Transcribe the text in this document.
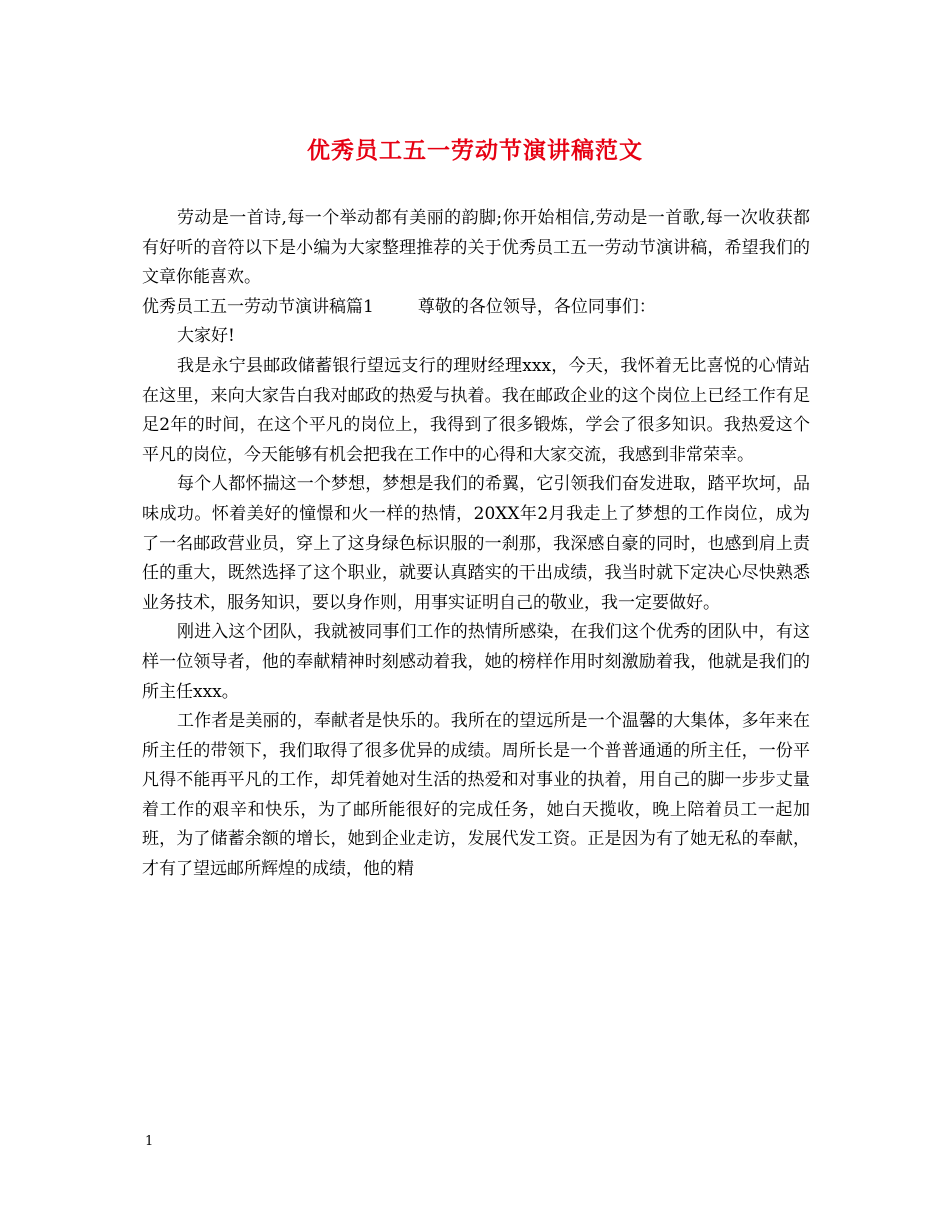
优秀员工五一劳动节演讲稿范文

劳动是一首诗,每一个举动都有美丽的韵脚;你开始相信,劳动是一首歌,每一次收获都有好听的音符以下是小编为大家整理推荐的关于优秀员工五一劳动节演讲稿，希望我们的文章你能喜欢。

优秀员工五一劳动节演讲稿篇1	尊敬的各位领导，各位同事们：

大家好!

我是永宁县邮政储蓄银行望远支行的理财经理xxx，今天，我怀着无比喜悦的心情站在这里，来向大家告白我对邮政的热爱与执着。我在邮政企业的这个岗位上已经工作有足足2年的时间，在这个平凡的岗位上，我得到了很多锻炼，学会了很多知识。我热爱这个平凡的岗位，今天能够有机会把我在工作中的心得和大家交流，我感到非常荣幸。

每个人都怀揣这一个梦想，梦想是我们的希翼，它引领我们奋发进取，踏平坎坷，品味成功。怀着美好的憧憬和火一样的热情，20XX年2月我走上了梦想的工作岗位，成为了一名邮政营业员，穿上了这身绿色标识服的一刹那，我深感自豪的同时，也感到肩上责任的重大，既然选择了这个职业，就要认真踏实的干出成绩，我当时就下定决心尽快熟悉业务技术，服务知识，要以身作则，用事实证明自己的敬业，我一定要做好。

刚进入这个团队，我就被同事们工作的热情所感染，在我们这个优秀的团队中，有这样一位领导者，他的奉献精神时刻感动着我，她的榜样作用时刻激励着我，他就是我们的所主任xxx。

工作者是美丽的，奉献者是快乐的。我所在的望远所是一个温馨的大集体，多年来在所主任的带领下，我们取得了很多优异的成绩。周所长是一个普普通通的所主任，一份平凡得不能再平凡的工作，却凭着她对生活的热爱和对事业的执着，用自己的脚一步步丈量着工作的艰辛和快乐，为了邮所能很好的完成任务，她白天揽收，晚上陪着员工一起加班，为了储蓄余额的增长，她到企业走访，发展代发工资。正是因为有了她无私的奉献，才有了望远邮所辉煌的成绩，他的精

1
